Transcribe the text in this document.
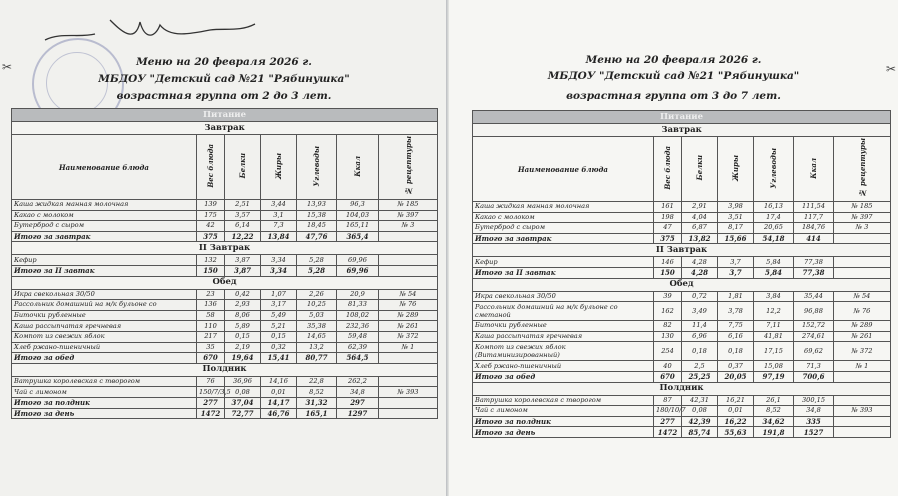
✂	Меню на 20 февраля 2026 г.
МБДОУ "Детский сад №21 "Рябинушка"
возрастная группа от 2 до 3 лет.
Питание						
Завтрак						
Наименование блюда	Вес блюда	Белки	Жиры	Углеводы	Ккал	№ рецептуры
Каша жидкая манная молочная	139	2,51	3,44	13,93	96,3	№ 185
Какао с молоком	175	3,57	3,1	15,38	104,03	№ 397
Бутерброд с сыром	42	6,14	7,3	18,45	165,11	№ 3
Итого за завтрак	375	12,22	13,84	47,76	365,4	
II Завтрак						
Кефир	132	3,87	3,34	5,28	69,96	
Итого за II завтак	150	3,87	3,34	5,28	69,96	
Обед						
Икра свекольная 30/50	23	0,42	1,07	2,26	20,9	№ 54
Рассольник домашний на м/к бульоне со	136	2,93	3,17	10,25	81,33	№ 76
Биточки рубленные	58	8,06	5,49	5,03	108,02	№ 289
Каша рассыпчатая гречневая	110	5,89	5,21	35,38	232,36	№ 261
Компот из свежих яблок	217	0,15	0,15	14,65	59,48	№ 372
Хлеб ржано-пшеничный	35	2,19	0,32	13,2	62,39	№ 1
Итого за обед	670	19,64	15,41	80,77	564,5	
Полдник						
Ватрушка королевская с творогом	76	36,96	14,16	22,8	262,2	
Чай с лимоном	150/7/3,5	0,08	0,01	8,52	34,8	№ 393
Итого за полдник	277	37,04	14,17	31,32	297	
Итого за день	1472	72,77	46,76	165,1	1297	
✂
Меню на 20 февраля 2026 г.
МБДОУ "Детский сад №21 "Рябинушка"
возрастная группа от 3 до 7 лет.
Питание						
Завтрак						
Наименование блюда	Вес блюда	Белки	Жиры	Углеводы	Ккал	№ рецептуры
Каша жидкая манная молочная	161	2,91	3,98	16,13	111,54	№ 185
Какао с молоком	198	4,04	3,51	17,4	117,7	№ 397
Бутерброд с сыром	47	6,87	8,17	20,65	184,76	№ 3
Итого за завтрак	375	13,82	15,66	54,18	414	
II Завтрак						
Кефир	146	4,28	3,7	5,84	77,38	
Итого за II завтак	150	4,28	3,7	5,84	77,38	
Обед						
Икра свекольная 30/50	39	0,72	1,81	3,84	35,44	№ 54
Рассольник домашний на м/к бульоне со сметаной	162	3,49	3,78	12,2	96,88	№ 76
Биточки рубленные	82	11,4	7,75	7,11	152,72	№ 289
Каша рассыпчатая гречневая	130	6,96	6,16	41,81	274,61	№ 261
Компот из свежих яблок (Витаминизированный)	254	0,18	0,18	17,15	69,62	№ 372
Хлеб ржано-пшеничный	40	2,5	0,37	15,08	71,3	№ 1
Итого за обед	670	25,25	20,05	97,19	700,6	
Полдник						
Ватрушка королевская с творогом	87	42,31	16,21	26,1	300,15	
Чай с лимоном	180/10/7	0,08	0,01	8,52	34,8	№ 393
Итого за полдник	277	42,39	16,22	34,62	335	
Итого за день	1472	85,74	55,63	191,8	1527	
